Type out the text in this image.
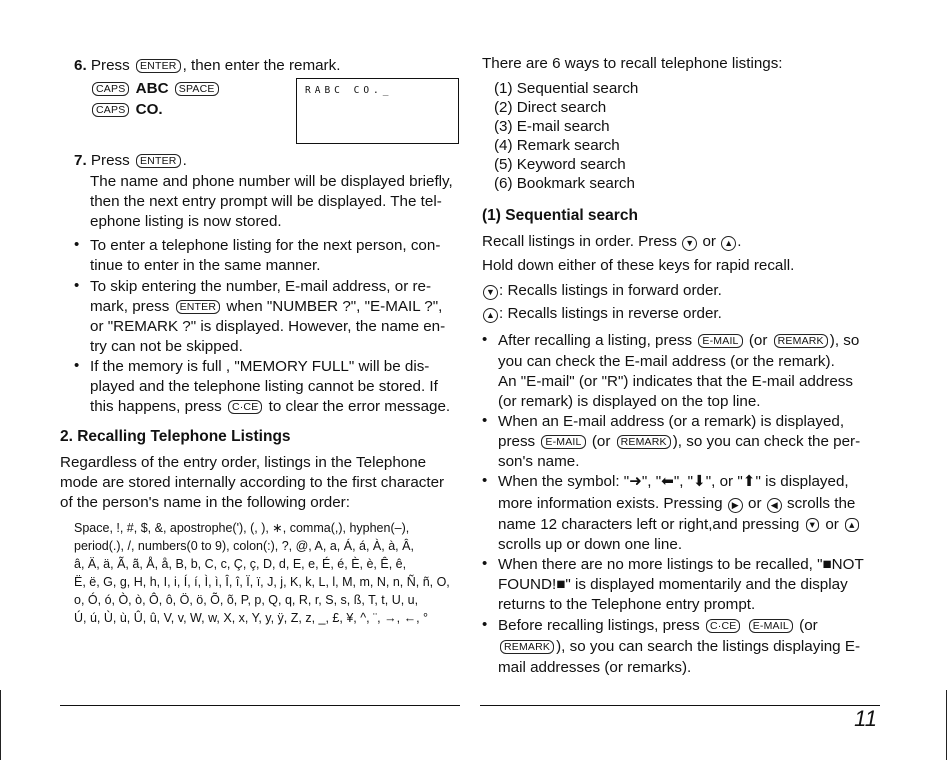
6. Press ENTER , then enter the remark.
CAPS ABC SPACE
CAPS CO.
RABC CO._
7. Press ENTER .
The name and phone number will be displayed briefly,
then the next entry prompt will be displayed. The tel-
ephone listing is now stored.
• To enter a telephone listing for the next person, con-
tinue to enter in the same manner.
• To skip entering the number, E-mail address, or re-
mark, press ENTER when "NUMBER ?", "E-MAIL ?",
or "REMARK ?" is displayed. However, the name en-
try can not be skipped.
• If the memory is full , "MEMORY FULL" will be dis-
played and the telephone listing cannot be stored. If
this happens, press C·CE to clear the error message.
2. Recalling Telephone Listings
Regardless of the entry order, listings in the Telephone
mode are stored internally according to the first character
of the person's name in the following order:
Space, !, #, $, &, apostrophe('), (, ), ∗, comma(,), hyphen(–),
period(.), /, numbers(0 to 9), colon(:), ?, @, A, a, Á, á, À, à, Â,
â, Ä, ä, Ã, ã, Å, å, B, b, C, c, Ç, ç, D, d, E, e, É, é, È, è, Ê, ê,
Ë, ë, G, g, H, h, I, i, Í, í, Ì, ì, Î, î, Ï, ï, J, j, K, k, L, l, M, m, N, n, Ñ, ñ, O,
o, Ó, ó, Ò, ò, Ô, ô, Ö, ö, Õ, õ, P, p, Q, q, R, r, S, s, ß, T, t, U, u,
Ú, ú, Ù, ù, Û, û, V, v, W, w, X, x, Y, y, ÿ, Z, z, _, £, ¥, ^, ¨, →, ←, °
There are 6 ways to recall telephone listings:
(1) Sequential search
(2) Direct search
(3) E-mail search
(4) Remark search
(5) Keyword search
(6) Bookmark search
(1) Sequential search
Recall listings in order. Press ▼ or ▲ .
Hold down either of these keys for rapid recall.
▼ : Recalls listings in forward order.
▲ : Recalls listings in reverse order.
• After recalling a listing, press E-MAIL (or REMARK ), so
you can check the E-mail address (or the remark).
An "E-mail" (or "R") indicates that the E-mail address
(or remark) is displayed on the top line.
• When an E-mail address (or a remark) is displayed,
press E-MAIL (or REMARK ), so you can check the per-
son's name.
• When the symbol: "➜", "⬅", "⬇", or "⬆" is displayed,
more information exists. Pressing ▶ or ◀ scrolls the
name 12 characters left or right,and pressing ▾ or ▴
scrolls up or down one line.
• When there are no more listings to be recalled, "■NOT
FOUND!■" is displayed momentarily and the display
returns to the Telephone entry prompt.
• Before recalling listings, press C·CE E-MAIL (or
REMARK ), so you can search the listings displaying E-
mail addresses (or remarks).
11
